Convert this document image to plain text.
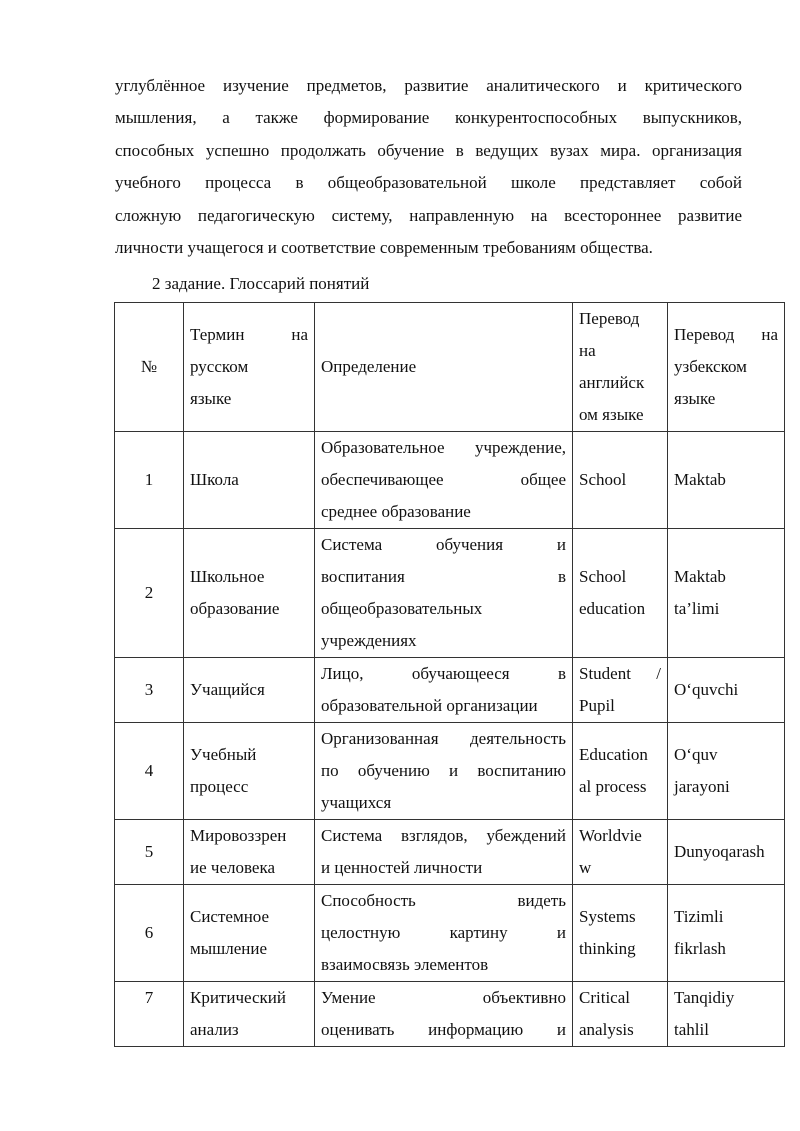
углублённое изучение предметов, развитие аналитического и критического
мышления, а также формирование конкурентоспособных выпускников,
способных успешно продолжать обучение в ведущих вузах мира. организация
учебного процесса в общеобразовательной школе представляет собой
сложную педагогическую систему, направленную на всестороннее развитие
личности учащегося и соответствие современным требованиям общества.
2 задание. Глоссарий понятий
№	Термин на
русском
языке	Определение	Перевод
на
английск
ом языке	Перевод на
узбекском
языке

1	Школа	Образовательное учреждение,
обеспечивающее общее
среднее образование	School	Maktab

2	Школьное
образование	Система обучения и
воспитания в
общеобразовательных
учреждениях	School
education	Maktab
ta’limi

3	Учащийся	Лицо, обучающееся в
образовательной организации	Student /
Pupil	O‘quvchi

4	Учебный
процесс	Организованная деятельность
по обучению и воспитанию
учащихся	Education
al process	O‘quv
jarayoni

5	Мировоззрен
ие человека	Система взглядов, убеждений
и ценностей личности	Worldvie
w	Dunyoqarash

6	Системное
мышление	Способность видеть
целостную картину и
взаимосвязь элементов	Systems
thinking	Tizimli
fikrlash

7	Критический
анализ	Умение объективно
оценивать информацию и	Critical
analysis	Tanqidiy
tahlil
